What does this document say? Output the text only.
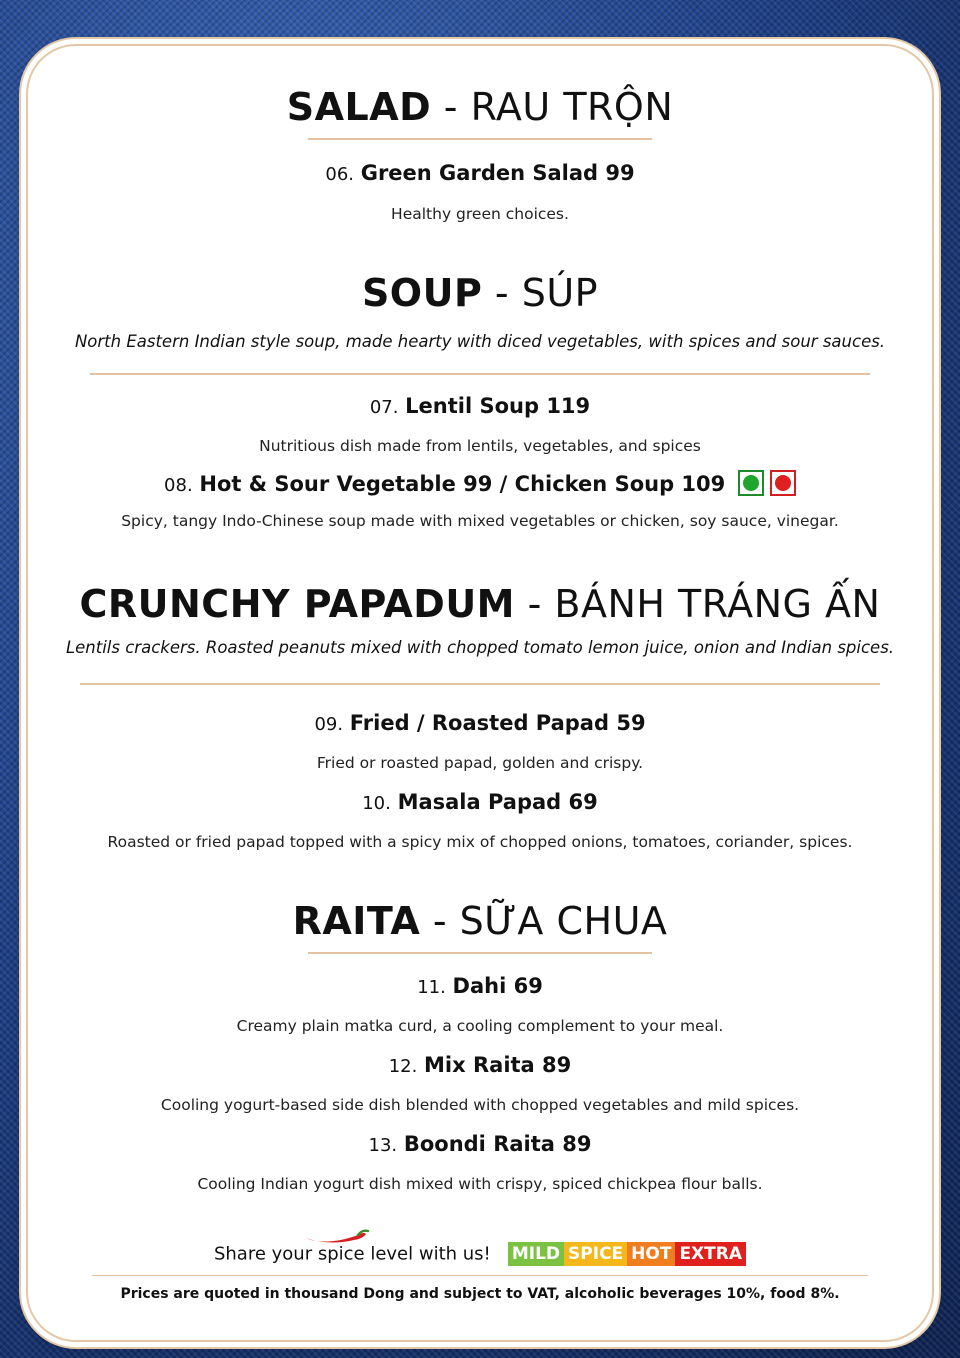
SALAD - RAU TRỘN
06. Green Garden Salad 99
Healthy green choices.
SOUP - SÚP
North Eastern Indian style soup, made hearty with diced vegetables, with spices and sour sauces.
07. Lentil Soup 119
Nutritious dish made from lentils, vegetables, and spices
08. Hot & Sour Vegetable 99 / Chicken Soup 109
Spicy, tangy Indo-Chinese soup made with mixed vegetables or chicken, soy sauce, vinegar.
CRUNCHY PAPADUM - BÁNH TRÁNG ẤN
Lentils crackers. Roasted peanuts mixed with chopped tomato lemon juice, onion and Indian spices.
09. Fried / Roasted Papad 59
Fried or roasted papad, golden and crispy.
10. Masala Papad 69
Roasted or fried papad topped with a spicy mix of chopped onions, tomatoes, coriander, spices.
RAITA - SỮA CHUA
11. Dahi 69
Creamy plain matka curd, a cooling complement to your meal.
12. Mix Raita 89
Cooling yogurt-based side dish blended with chopped vegetables and mild spices.
13. Boondi Raita 89
Cooling Indian yogurt dish mixed with crispy, spiced chickpea flour balls.
Share your spice level with us! MILD SPICE HOT EXTRA
Prices are quoted in thousand Dong and subject to VAT, alcoholic beverages 10%, food 8%.
